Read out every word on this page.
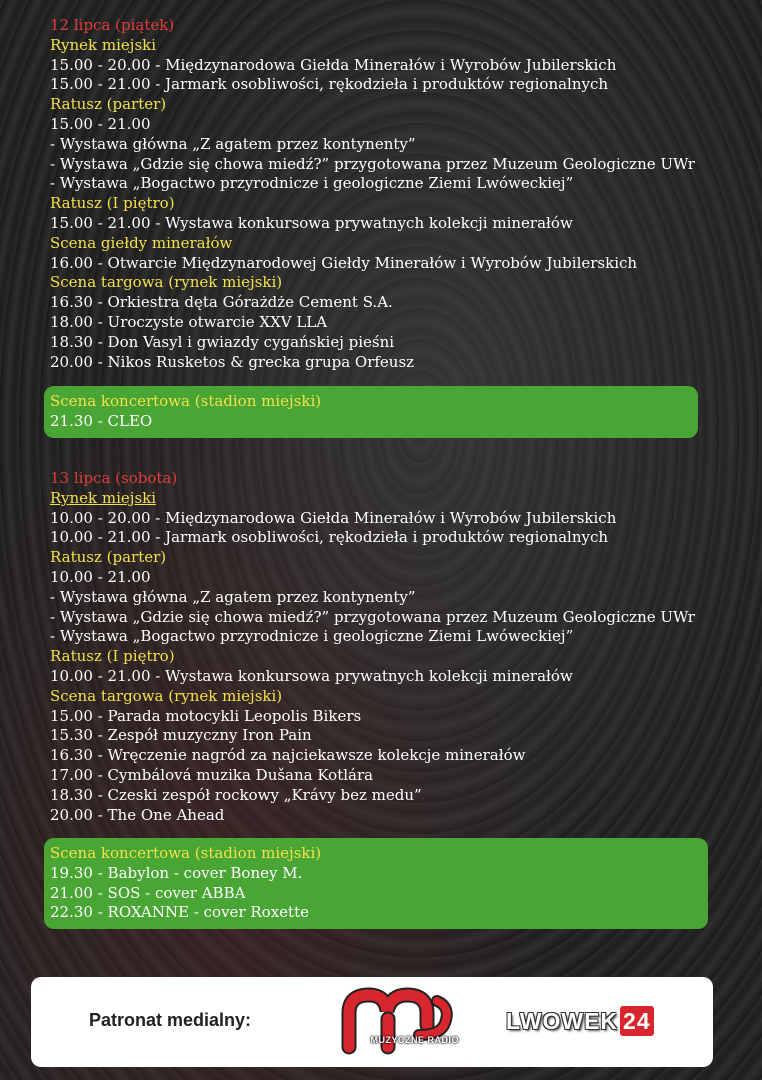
12 lipca (piątek)
Rynek miejski
15.00 - 20.00 - Międzynarodowa Giełda Minerałów i Wyrobów Jubilerskich
15.00 - 21.00 - Jarmark osobliwości, rękodzieła i produktów regionalnych
Ratusz (parter)
15.00 - 21.00
- Wystawa główna „Z agatem przez kontynenty”
- Wystawa „Gdzie się chowa miedź?” przygotowana przez Muzeum Geologiczne UWr
- Wystawa „Bogactwo przyrodnicze i geologiczne Ziemi Lwóweckiej”
Ratusz (I piętro)
15.00 - 21.00 - Wystawa konkursowa prywatnych kolekcji minerałów
Scena giełdy minerałów
16.00 - Otwarcie Międzynarodowej Giełdy Minerałów i Wyrobów Jubilerskich
Scena targowa (rynek miejski)
16.30 - Orkiestra dęta Górażdże Cement S.A.
18.00 - Uroczyste otwarcie XXV LLA
18.30 - Don Vasyl i gwiazdy cygańskiej pieśni
20.00 - Nikos Rusketos & grecka grupa Orfeusz
Scena koncertowa (stadion miejski)
21.30 - CLEO
13 lipca (sobota)
Rynek miejski
10.00 - 20.00 - Międzynarodowa Giełda Minerałów i Wyrobów Jubilerskich
10.00 - 21.00 - Jarmark osobliwości, rękodzieła i produktów regionalnych
Ratusz (parter)
10.00 - 21.00
- Wystawa główna „Z agatem przez kontynenty”
- Wystawa „Gdzie się chowa miedź?” przygotowana przez Muzeum Geologiczne UWr
- Wystawa „Bogactwo przyrodnicze i geologiczne Ziemi Lwóweckiej”
Ratusz (I piętro)
10.00 - 21.00 - Wystawa konkursowa prywatnych kolekcji minerałów
Scena targowa (rynek miejski)
15.00 - Parada motocykli Leopolis Bikers
15.30 - Zespół muzyczny Iron Pain
16.30 - Wręczenie nagród za najciekawsze kolekcje minerałów
17.00 - Cymbálová muzika Dušana Kotlára
18.30 - Czeski zespół rockowy „Krávy bez medu”
20.00 - The One Ahead
Scena koncertowa (stadion miejski)
19.30 - Babylon - cover Boney M.
21.00 - SOS - cover ABBA
22.30 - ROXANNE - cover Roxette
Patronat medialny:
MUZYCZNE RADIO
LWOWEK 24
